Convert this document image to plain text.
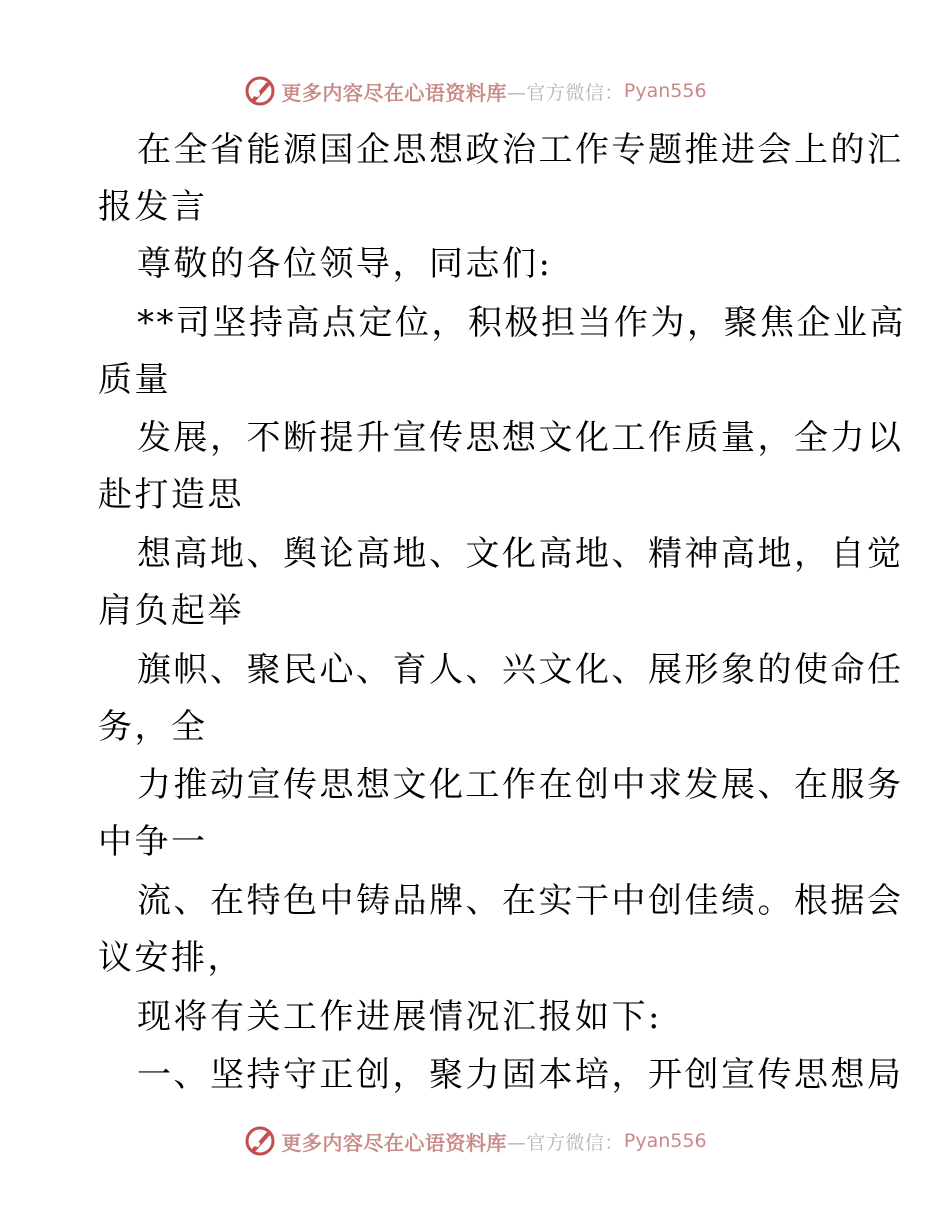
更多内容尽在心语资料库 —官方微信： Pyan556
在全省能源国企思想政治工作专题推进会上的汇
报发言
尊敬的各位领导，同志们:
**司坚持高点定位，积极担当作为，聚焦企业高
质量
发展，不断提升宣传思想文化工作质量，全力以
赴打造思
想高地、舆论高地、文化高地、精神高地，自觉
肩负起举
旗帜、聚民心、育人、兴文化、展形象的使命任
务，全
力推动宣传思想文化工作在创中求发展、在服务
中争一
流、在特色中铸品牌、在实干中创佳绩。根据会
议安排，
现将有关工作进展情况汇报如下:
一、坚持守正创，聚力固本培，开创宣传思想局
更多内容尽在心语资料库 —官方微信： Pyan556
